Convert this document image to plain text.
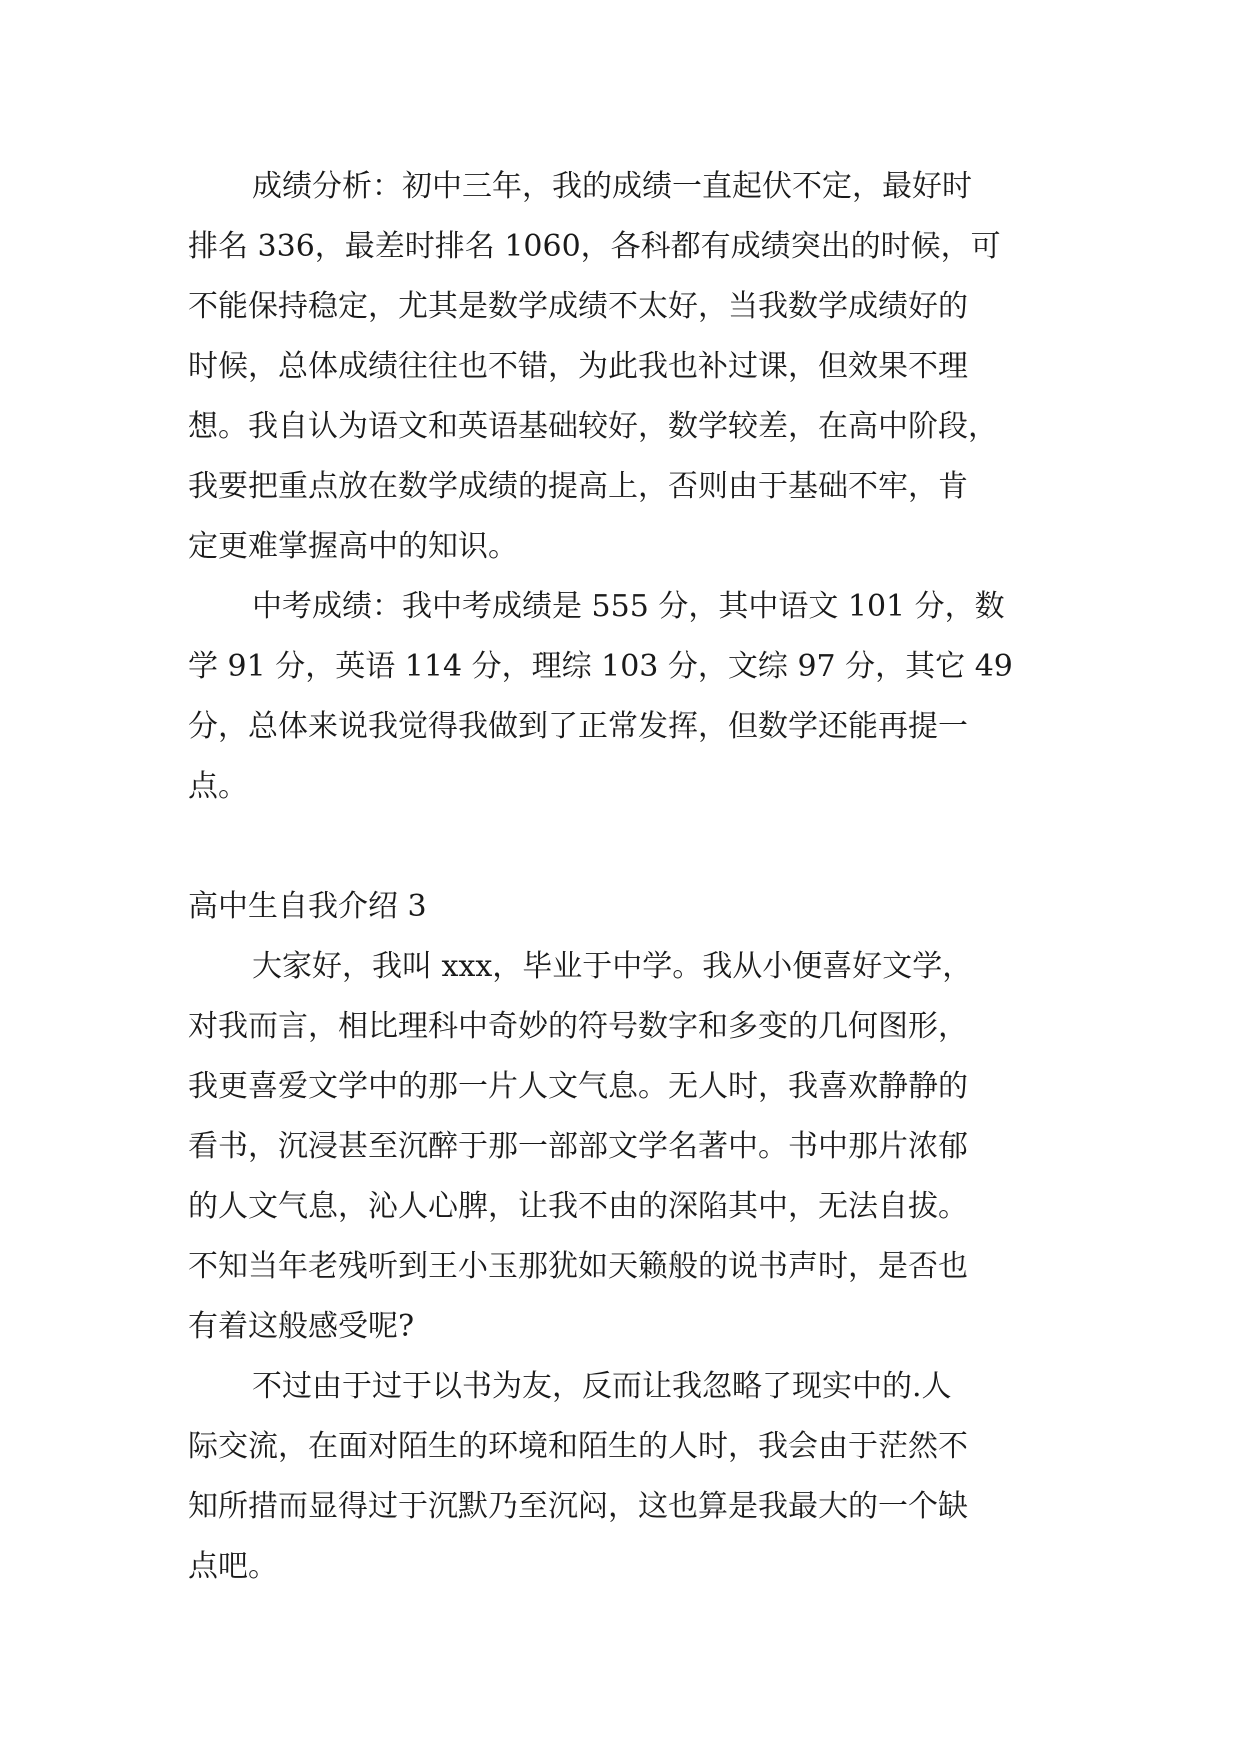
成绩分析：初中三年，我的成绩一直起伏不定，最好时
排名 336，最差时排名 1060，各科都有成绩突出的时候，可
不能保持稳定，尤其是数学成绩不太好，当我数学成绩好的
时候，总体成绩往往也不错，为此我也补过课，但效果不理
想。我自认为语文和英语基础较好，数学较差，在高中阶段，
我要把重点放在数学成绩的提高上，否则由于基础不牢，肯
定更难掌握高中的知识。
中考成绩：我中考成绩是 555 分，其中语文 101 分，数
学 91 分，英语 114 分，理综 103 分，文综 97 分，其它 49
分，总体来说我觉得我做到了正常发挥，但数学还能再提一
点。
高中生自我介绍 3
大家好，我叫 xxx，毕业于中学。我从小便喜好文学，
对我而言，相比理科中奇妙的符号数字和多变的几何图形，
我更喜爱文学中的那一片人文气息。无人时，我喜欢静静的
看书，沉浸甚至沉醉于那一部部文学名著中。书中那片浓郁
的人文气息，沁人心脾，让我不由的深陷其中，无法自拔。
不知当年老残听到王小玉那犹如天籁般的说书声时，是否也
有着这般感受呢?
不过由于过于以书为友，反而让我忽略了现实中的.人
际交流，在面对陌生的环境和陌生的人时，我会由于茫然不
知所措而显得过于沉默乃至沉闷，这也算是我最大的一个缺
点吧。
